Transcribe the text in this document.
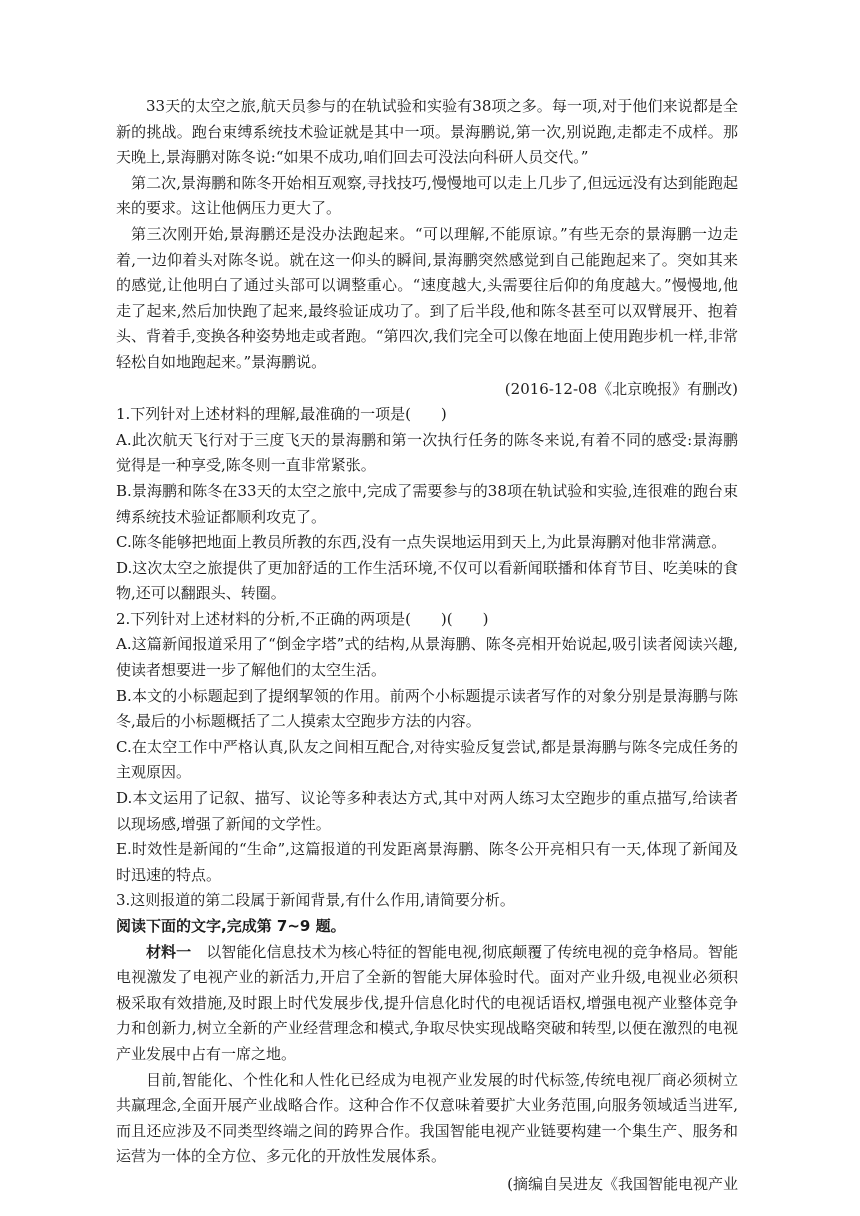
33天的太空之旅,航天员参与的在轨试验和实验有38项之多。每一项,对于他们来说都是全新的挑战。跑台束缚系统技术验证就是其中一项。景海鹏说,第一次,别说跑,走都走不成样。那天晚上,景海鹏对陈冬说:“如果不成功,咱们回去可没法向科研人员交代。”

第二次,景海鹏和陈冬开始相互观察,寻找技巧,慢慢地可以走上几步了,但远远没有达到能跑起来的要求。这让他俩压力更大了。

第三次刚开始,景海鹏还是没办法跑起来。“可以理解,不能原谅。”有些无奈的景海鹏一边走着,一边仰着头对陈冬说。就在这一仰头的瞬间,景海鹏突然感觉到自己能跑起来了。突如其来的感觉,让他明白了通过头部可以调整重心。“速度越大,头需要往后仰的角度越大。”慢慢地,他走了起来,然后加快跑了起来,最终验证成功了。到了后半段,他和陈冬甚至可以双臂展开、抱着头、背着手,变换各种姿势地走或者跑。“第四次,我们完全可以像在地面上使用跑步机一样,非常轻松自如地跑起来。”景海鹏说。

(2016-12-08《北京晚报》有删改)

1.下列针对上述材料的理解,最准确的一项是(　　)

A.此次航天飞行对于三度飞天的景海鹏和第一次执行任务的陈冬来说,有着不同的感受:景海鹏觉得是一种享受,陈冬则一直非常紧张。

B.景海鹏和陈冬在33天的太空之旅中,完成了需要参与的38项在轨试验和实验,连很难的跑台束缚系统技术验证都顺利攻克了。

C.陈冬能够把地面上教员所教的东西,没有一点失误地运用到天上,为此景海鹏对他非常满意。

D.这次太空之旅提供了更加舒适的工作生活环境,不仅可以看新闻联播和体育节目、吃美味的食物,还可以翻跟头、转圈。

2.下列针对上述材料的分析,不正确的两项是(　　)(　　)

A.这篇新闻报道采用了“倒金字塔”式的结构,从景海鹏、陈冬亮相开始说起,吸引读者阅读兴趣,使读者想要进一步了解他们的太空生活。

B.本文的小标题起到了提纲挈领的作用。前两个小标题提示读者写作的对象分别是景海鹏与陈冬,最后的小标题概括了二人摸索太空跑步方法的内容。

C.在太空工作中严格认真,队友之间相互配合,对待实验反复尝试,都是景海鹏与陈冬完成任务的主观原因。

D.本文运用了记叙、描写、议论等多种表达方式,其中对两人练习太空跑步的重点描写,给读者以现场感,增强了新闻的文学性。

E.时效性是新闻的“生命”,这篇报道的刊发距离景海鹏、陈冬公开亮相只有一天,体现了新闻及时迅速的特点。

3.这则报道的第二段属于新闻背景,有什么作用,请简要分析。

阅读下面的文字,完成第 7~9 题。

材料一　 以智能化信息技术为核心特征的智能电视,彻底颠覆了传统电视的竞争格局。智能电视激发了电视产业的新活力,开启了全新的智能大屏体验时代。面对产业升级,电视业必须积极采取有效措施,及时跟上时代发展步伐,提升信息化时代的电视话语权,增强电视产业整体竞争力和创新力,树立全新的产业经营理念和模式,争取尽快实现战略突破和转型,以便在激烈的电视产业发展中占有一席之地。

目前,智能化、个性化和人性化已经成为电视产业发展的时代标签,传统电视厂商必须树立共赢理念,全面开展产业战略合作。这种合作不仅意味着要扩大业务范围,向服务领域适当进军,而且还应涉及不同类型终端之间的跨界合作。我国智能电视产业链要构建一个集生产、服务和运营为一体的全方位、多元化的开放性发展体系。

(摘编自吴进友《我国智能电视产业
